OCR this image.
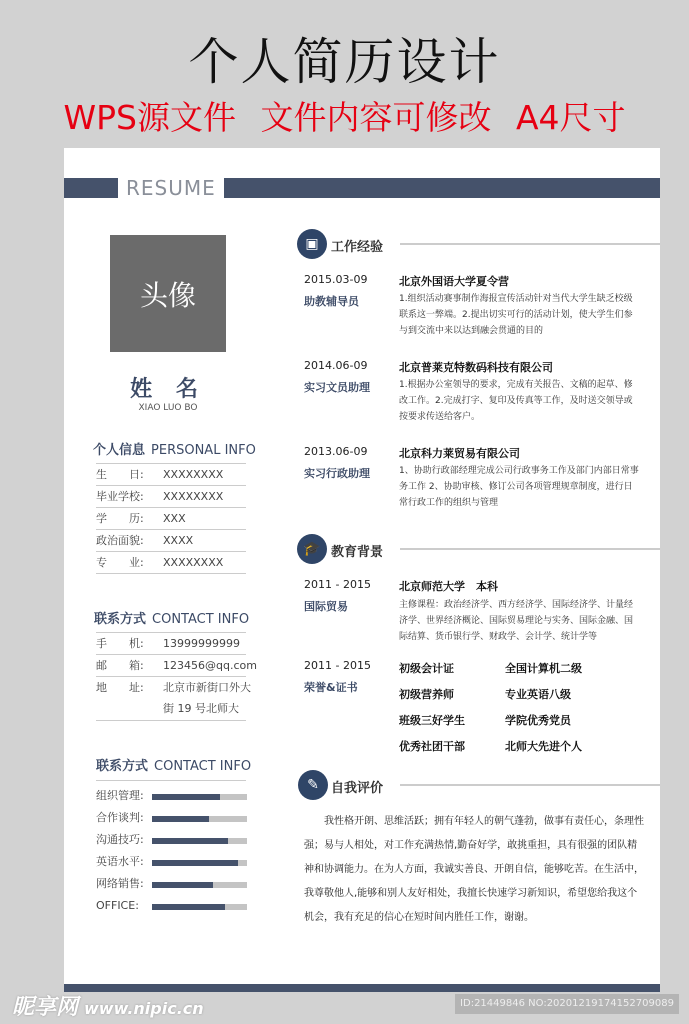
个人简历设计
WPS源文件 文件内容可修改 A4尺寸
RESUME
头像
姓 名
XIAO LUO BO
个人信息 PERSONAL INFO
生　　日:	XXXXXXXX
毕业学校:	XXXXXXXX
学　　历:	XXX
政治面貌:	XXXX
专　　业:	XXXXXXXX
联系方式 CONTACT INFO
手　　机:	13999999999
邮　　箱:	123456@qq.com
地　　址:	北京市新街口外大
街 19 号北师大
联系方式 CONTACT INFO
组织管理:
合作谈判:
沟通技巧:
英语水平:
网络销售:
OFFICE:
▣ 工作经验
2015.03-09
助教辅导员
北京外国语大学夏令营
1.组织活动赛事制作海报宣传活动针对当代大学生缺乏校级联系这一弊端。2.提出切实可行的活动计划，使大学生们参与到交流中来以达到融会贯通的目的
2014.06-09
实习文员助理
北京普莱克特数码科技有限公司
1.根据办公室领导的要求，完成有关报告、文稿的起草、修改工作。2.完成打字、复印及传真等工作，及时送交领导或按要求传送给客户。
2013.06-09
实习行政助理
北京科力莱贸易有限公司
1、协助行政部经理完成公司行政事务工作及部门内部日常事务工作 2、协助审核、修订公司各项管理规章制度，进行日常行政工作的组织与管理
🎓 教育背景
2011 - 2015
国际贸易
北京师范大学　本科
主修课程：政治经济学、西方经济学、国际经济学、计量经济学、世界经济概论、国际贸易理论与实务、国际金融、国际结算、货币银行学、财政学、会计学、统计学等
2011 - 2015
荣誉&证书
初级会计证	全国计算机二级
初级营养师	专业英语八级
班级三好学生	学院优秀党员
优秀社团干部	北师大先进个人
✎ 自我评价
我性格开朗、思维活跃；拥有年轻人的朝气蓬勃，做事有责任心，条理性强；易与人相处，对工作充满热情,勤奋好学，敢挑重担，具有很强的团队精神和协调能力。在为人方面，我诚实善良、开朗自信，能够吃苦。在生活中，我尊敬他人,能够和别人友好相处，我擅长快速学习新知识，希望您给我这个机会，我有充足的信心在短时间内胜任工作，谢谢。
昵享网 www.nipic.cn	ID:21449846 NO:20201219174152709089
